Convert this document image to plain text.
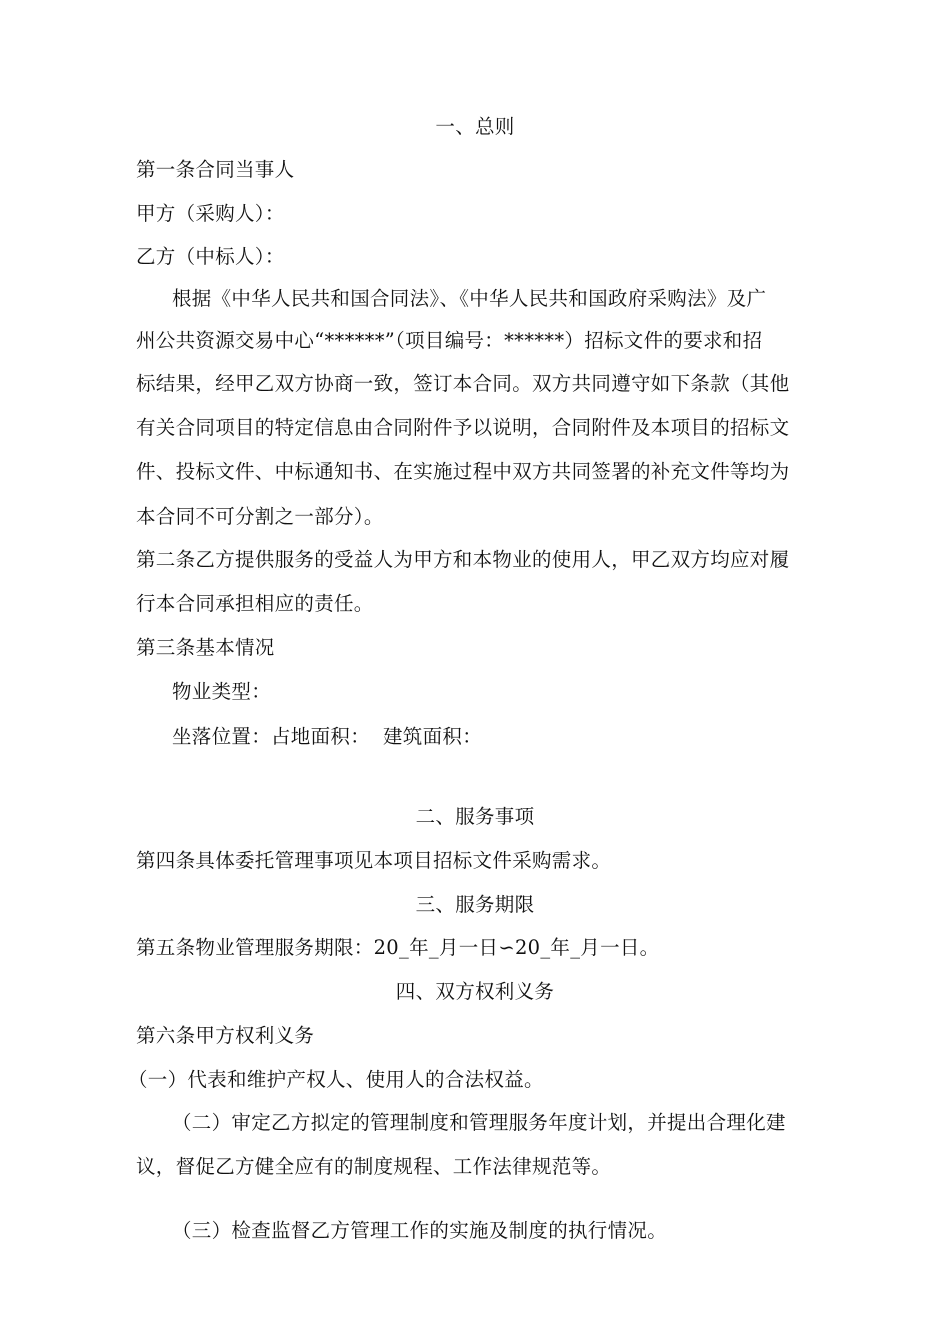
一、总则
第一条合同当事人
甲方（采购人）：
乙方（中标人）：
根据《中华人民共和国合同法》、《中华人民共和国政府采购法》及广
州公共资源交易中心“******”（项目编号：******）招标文件的要求和招
标结果，经甲乙双方协商一致，签订本合同。双方共同遵守如下条款（其他
有关合同项目的特定信息由合同附件予以说明，合同附件及本项目的招标文
件、投标文件、中标通知书、在实施过程中双方共同签署的补充文件等均为
本合同不可分割之一部分）。
第二条乙方提供服务的受益人为甲方和本物业的使用人，甲乙双方均应对履
行本合同承担相应的责任。
第三条基本情况
物业类型：
坐落位置：占地面积：  建筑面积：
二、服务事项
第四条具体委托管理事项见本项目招标文件采购需求。
三、服务期限
第五条物业管理服务期限：20_年_月一日∽20_年_月一日。
四、双方权利义务
第六条甲方权利义务
（一）代表和维护产权人、使用人的合法权益。
（二）审定乙方拟定的管理制度和管理服务年度计划，并提出合理化建
议，督促乙方健全应有的制度规程、工作法律规范等。
（三）检查监督乙方管理工作的实施及制度的执行情况。
